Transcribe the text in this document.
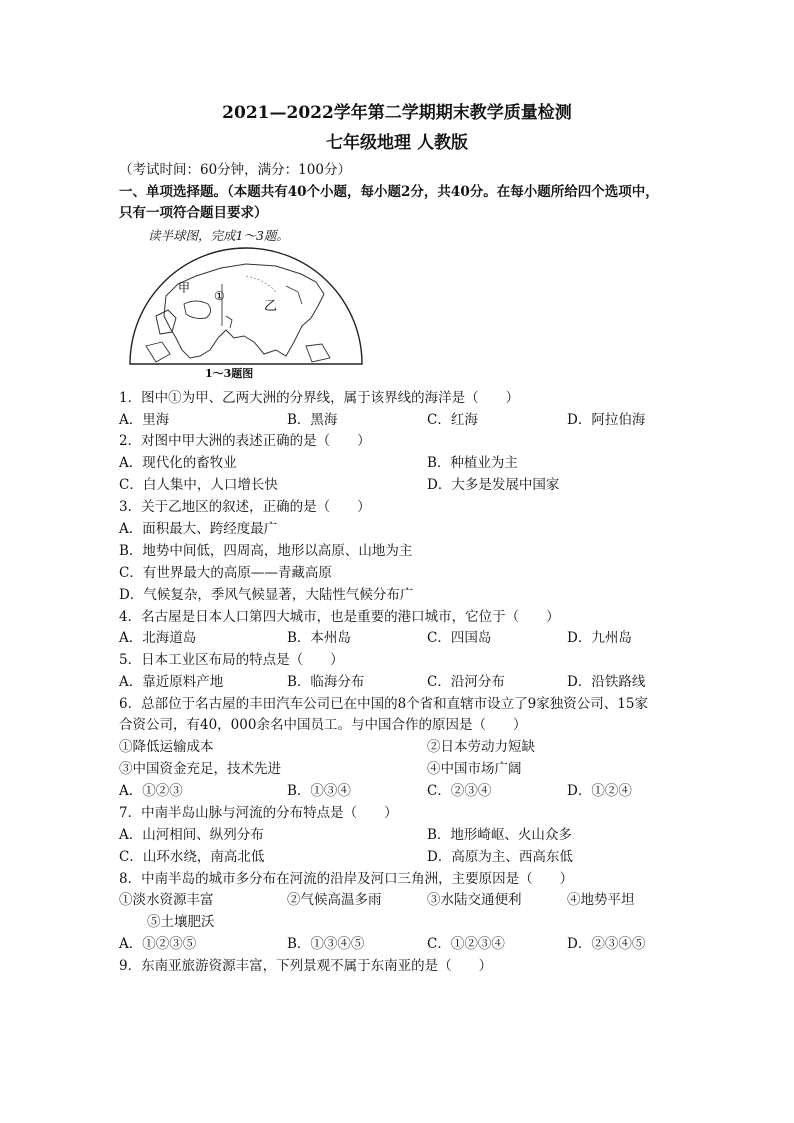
2021—2022学年第二学期期末教学质量检测
七年级地理 人教版
（考试时间：60分钟，满分：100分）
一、单项选择题。（本题共有40个小题，每小题2分，共40分。在每小题所给四个选项中，
只有一项符合题目要求）
读半球图，完成1～3题。
甲
①
乙
1～3题图
1．图中①为甲、乙两大洲的分界线，属于该界线的海洋是（　　）
A．里海	B．黑海	C．红海	D．阿拉伯海
2．对图中甲大洲的表述正确的是（　　）
A．现代化的畜牧业	B．种植业为主
C．白人集中，人口增长快	D．大多是发展中国家
3．关于乙地区的叙述，正确的是（　　）
A．面积最大、跨经度最广
B．地势中间低，四周高，地形以高原、山地为主
C．有世界最大的高原——青藏高原
D．气候复杂，季风气候显著，大陆性气候分布广
4．名古屋是日本人口第四大城市，也是重要的港口城市，它位于（　　）
A．北海道岛	B．本州岛	C．四国岛	D．九州岛
5．日本工业区布局的特点是（　　）
A．靠近原料产地	B．临海分布	C．沿河分布	D．沿铁路线
6．总部位于名古屋的丰田汽车公司已在中国的8个省和直辖市设立了9家独资公司、15家
合资公司，有40，000余名中国员工。与中国合作的原因是（　　）
①降低运输成本	②日本劳动力短缺
③中国资金充足，技术先进	④中国市场广阔
A．①②③	B．①③④	C．②③④	D．①②④
7．中南半岛山脉与河流的分布特点是（　　）
A．山河相间、纵列分布	B．地形崎岖、火山众多
C．山环水绕，南高北低	D．高原为主、西高东低
8．中南半岛的城市多分布在河流的沿岸及河口三角洲，主要原因是（　　）
①淡水资源丰富	②气候高温多雨	③水陆交通便利	④地势平坦
⑤土壤肥沃
A．①②③⑤	B．①③④⑤	C．①②③④	D．②③④⑤
9．东南亚旅游资源丰富，下列景观不属于东南亚的是（　　）
